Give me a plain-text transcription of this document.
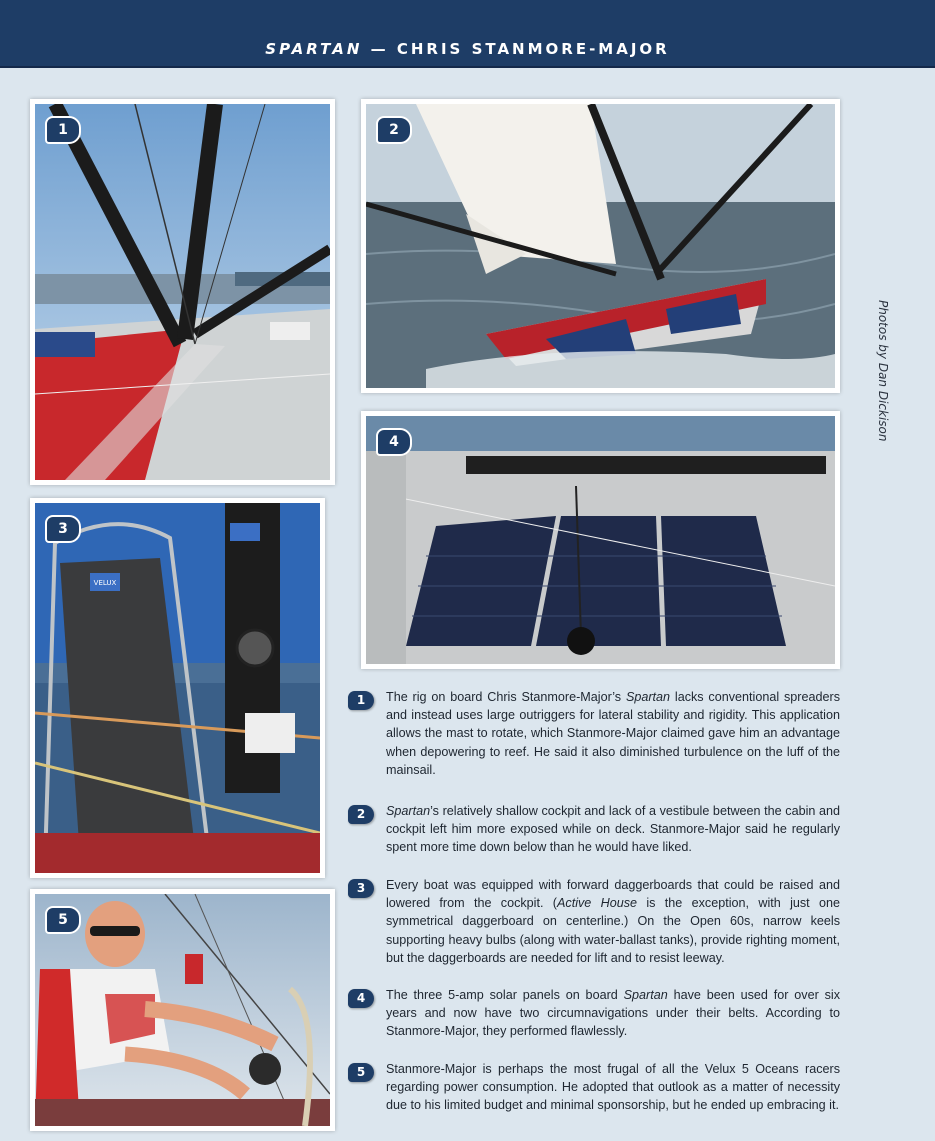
SPARTAN — CHRIS STANMORE-MAJOR
1	2
VELUX
3
4
5
Photos by Dan Dickison
1	The rig on board Chris Stanmore-Major’s Spartan lacks conventional spreaders and instead uses large outriggers for lateral stability and rigidity. This application allows the mast to rotate, which Stanmore-Major claimed gave him an advantage when depowering to reef. He said it also diminished turbulence on the luff of the mainsail.
2	Spartan’s relatively shallow cockpit and lack of a vestibule between the cabin and cockpit left him more exposed while on deck. Stanmore-Major said he regularly spent more time down below than he would have liked.
3	Every boat was equipped with forward daggerboards that could be raised and lowered from the cockpit. (Active House is the exception, with just one symmetrical daggerboard on centerline.) On the Open 60s, narrow keels supporting heavy bulbs (along with water-ballast tanks), provide righting moment, but the daggerboards are needed for lift and to resist leeway.
4	The three 5-amp solar panels on board Spartan have been used for over six years and now have two circumnavigations under their belts. According to Stanmore-Major, they performed flawlessly.
5	Stanmore-Major is perhaps the most frugal of all the Velux 5 Oceans racers regarding power consumption. He adopted that outlook as a matter of necessity due to his limited budget and minimal sponsorship, but he ended up embracing it.
